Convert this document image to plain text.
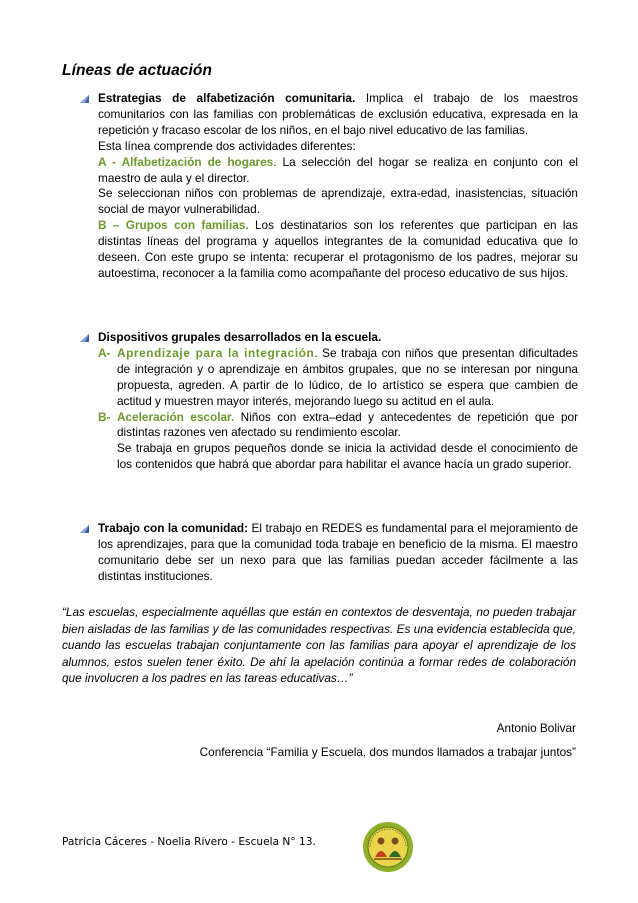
Líneas de actuación

Estrategias de alfabetización comunitaria. Implica el trabajo de los maestros comunitarios con las familias con problemáticas de exclusión educativa, expresada en la repetición y fracaso escolar de los niños, en el bajo nivel educativo de las familias.

Esta línea comprende dos actividades diferentes:

A - Alfabetización de hogares. La selección del hogar se realiza en conjunto con el maestro de aula y el director.

Se seleccionan niños con problemas de aprendizaje, extra-edad, inasistencias, situación social de mayor vulnerabilidad.

B – Grupos con familias. Los destinatarios son los referentes que participan en las distintas líneas del programa y aquellos integrantes de la comunidad educativa que lo deseen. Con este grupo se intenta: recuperar el protagonismo de los padres, mejorar su autoestima, reconocer a la familia como acompañante del proceso educativo de sus hijos.

Dispositivos grupales desarrollados en la escuela.

A- Aprendizaje para la integración. Se trabaja con niños que presentan dificultades de integración y o aprendizaje en ámbitos grupales, que no se interesan por ninguna propuesta, agreden. A partir de lo lúdico, de lo artístico se espera que cambien de actitud y muestren mayor interés, mejorando luego su actitud en el aula.
B- Aceleración escolar. Niños con extra–edad y antecedentes de repetición que por distintas razones ven afectado su rendimiento escolar.
Se trabaja en grupos pequeños donde se inicia la actividad desde el conocimiento de los contenidos que habrá que abordar para habilitar el avance hacía un grado superior.

Trabajo con la comunidad: El trabajo en REDES es fundamental para el mejoramiento de los aprendizajes, para que la comunidad toda trabaje en beneficio de la misma. El maestro comunitario debe ser un nexo para que las familias puedan acceder fácilmente a las distintas instituciones.

“Las escuelas, especialmente aquéllas que están en contextos de desventaja, no pueden trabajar bien aisladas de las familias y de las comunidades respectivas. Es una evidencia establecida que, cuando las escuelas trabajan conjuntamente con las familias para apoyar el aprendizaje de los alumnos, estos suelen tener éxito. De ahí la apelación continúa a formar redes de colaboración que involucren a los padres en las tareas educativas…”

Antonio Bolivar
Conferencia “Familia y Escuela, dos mundos llamados a trabajar juntos”
Patricia Cáceres - Noelia Rivero - Escuela N° 13.
